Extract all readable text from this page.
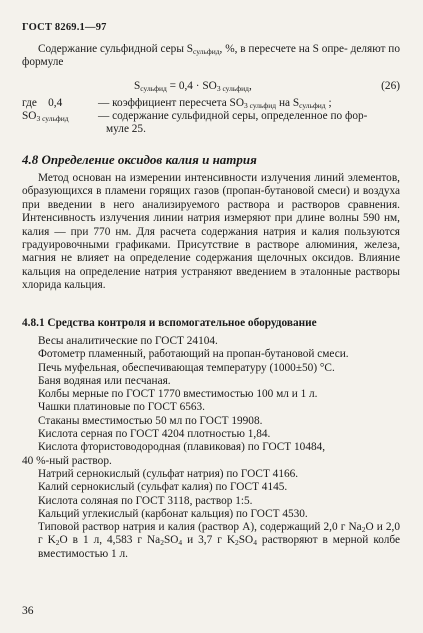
ГОСТ 8269.1—97

Содержание сульфидной серы $S_{сульфид}$, %, в пересчете на S опре- деляют по формуле

$S_{сульфид} = 0,4 \cdot SO_{3 сульфид}$,	(26)
где 0,4	— коэффициент пересчета $SO_{3 сульфид}$ на $S_{сульфид}$ ;
$SO_{3 сульфид}$	— содержание сульфидной серы, определенное по фор-
муле 25.
4.8 Определение оксидов калия и натрия

Метод основан на измерении интенсивности излучения линий элементов, образующихся в пламени горящих газов (пропан-бутановой смеси) и воздуха при введении в него анализируемого раствора и растворов сравнения. Интенсивность излучения линии натрия измеряют при длине волны 590 нм, калия — при 770 нм. Для расчета содержания натрия и калия пользуются градуировочными графиками. Присутствие в растворе алюминия, железа, магния не влияет на определение содержания щелочных оксидов. Влияние кальция на определение натрия устраняют введением в эталонные растворы хлорида кальция.

4.8.1 Средства контроля и вспомогательное оборудование
Весы аналитические по ГОСТ 24104.
Фотометр пламенный, работающий на пропан-бутановой смеси.
Печь муфельная, обеспечивающая температуру (1000±50) °С.
Баня водяная или песчаная.
Колбы мерные по ГОСТ 1770 вместимостью 100 мл и 1 л.
Чашки платиновые по ГОСТ 6563.
Стаканы вместимостью 50 мл по ГОСТ 19908.
Кислота серная по ГОСТ 4204 плотностью 1,84.
Кислота фтористоводородная (плавиковая) по ГОСТ 10484,
40 %-ный раствор.
Натрий сернокислый (сульфат натрия) по ГОСТ 4166.
Калий сернокислый (сульфат калия) по ГОСТ 4145.
Кислота соляная по ГОСТ 3118, раствор 1:5.
Кальций углекислый (карбонат кальция) по ГОСТ 4530.
Типовой раствор натрия и калия (раствор А), содержащий 2,0 г $Na_2O$ и 2,0 г $K_2O$ в 1 л, 4,583 г $Na_2SO_4$ и 3,7 г $K_2SO_4$ растворяют в мерной колбе вместимостью 1 л.
36
